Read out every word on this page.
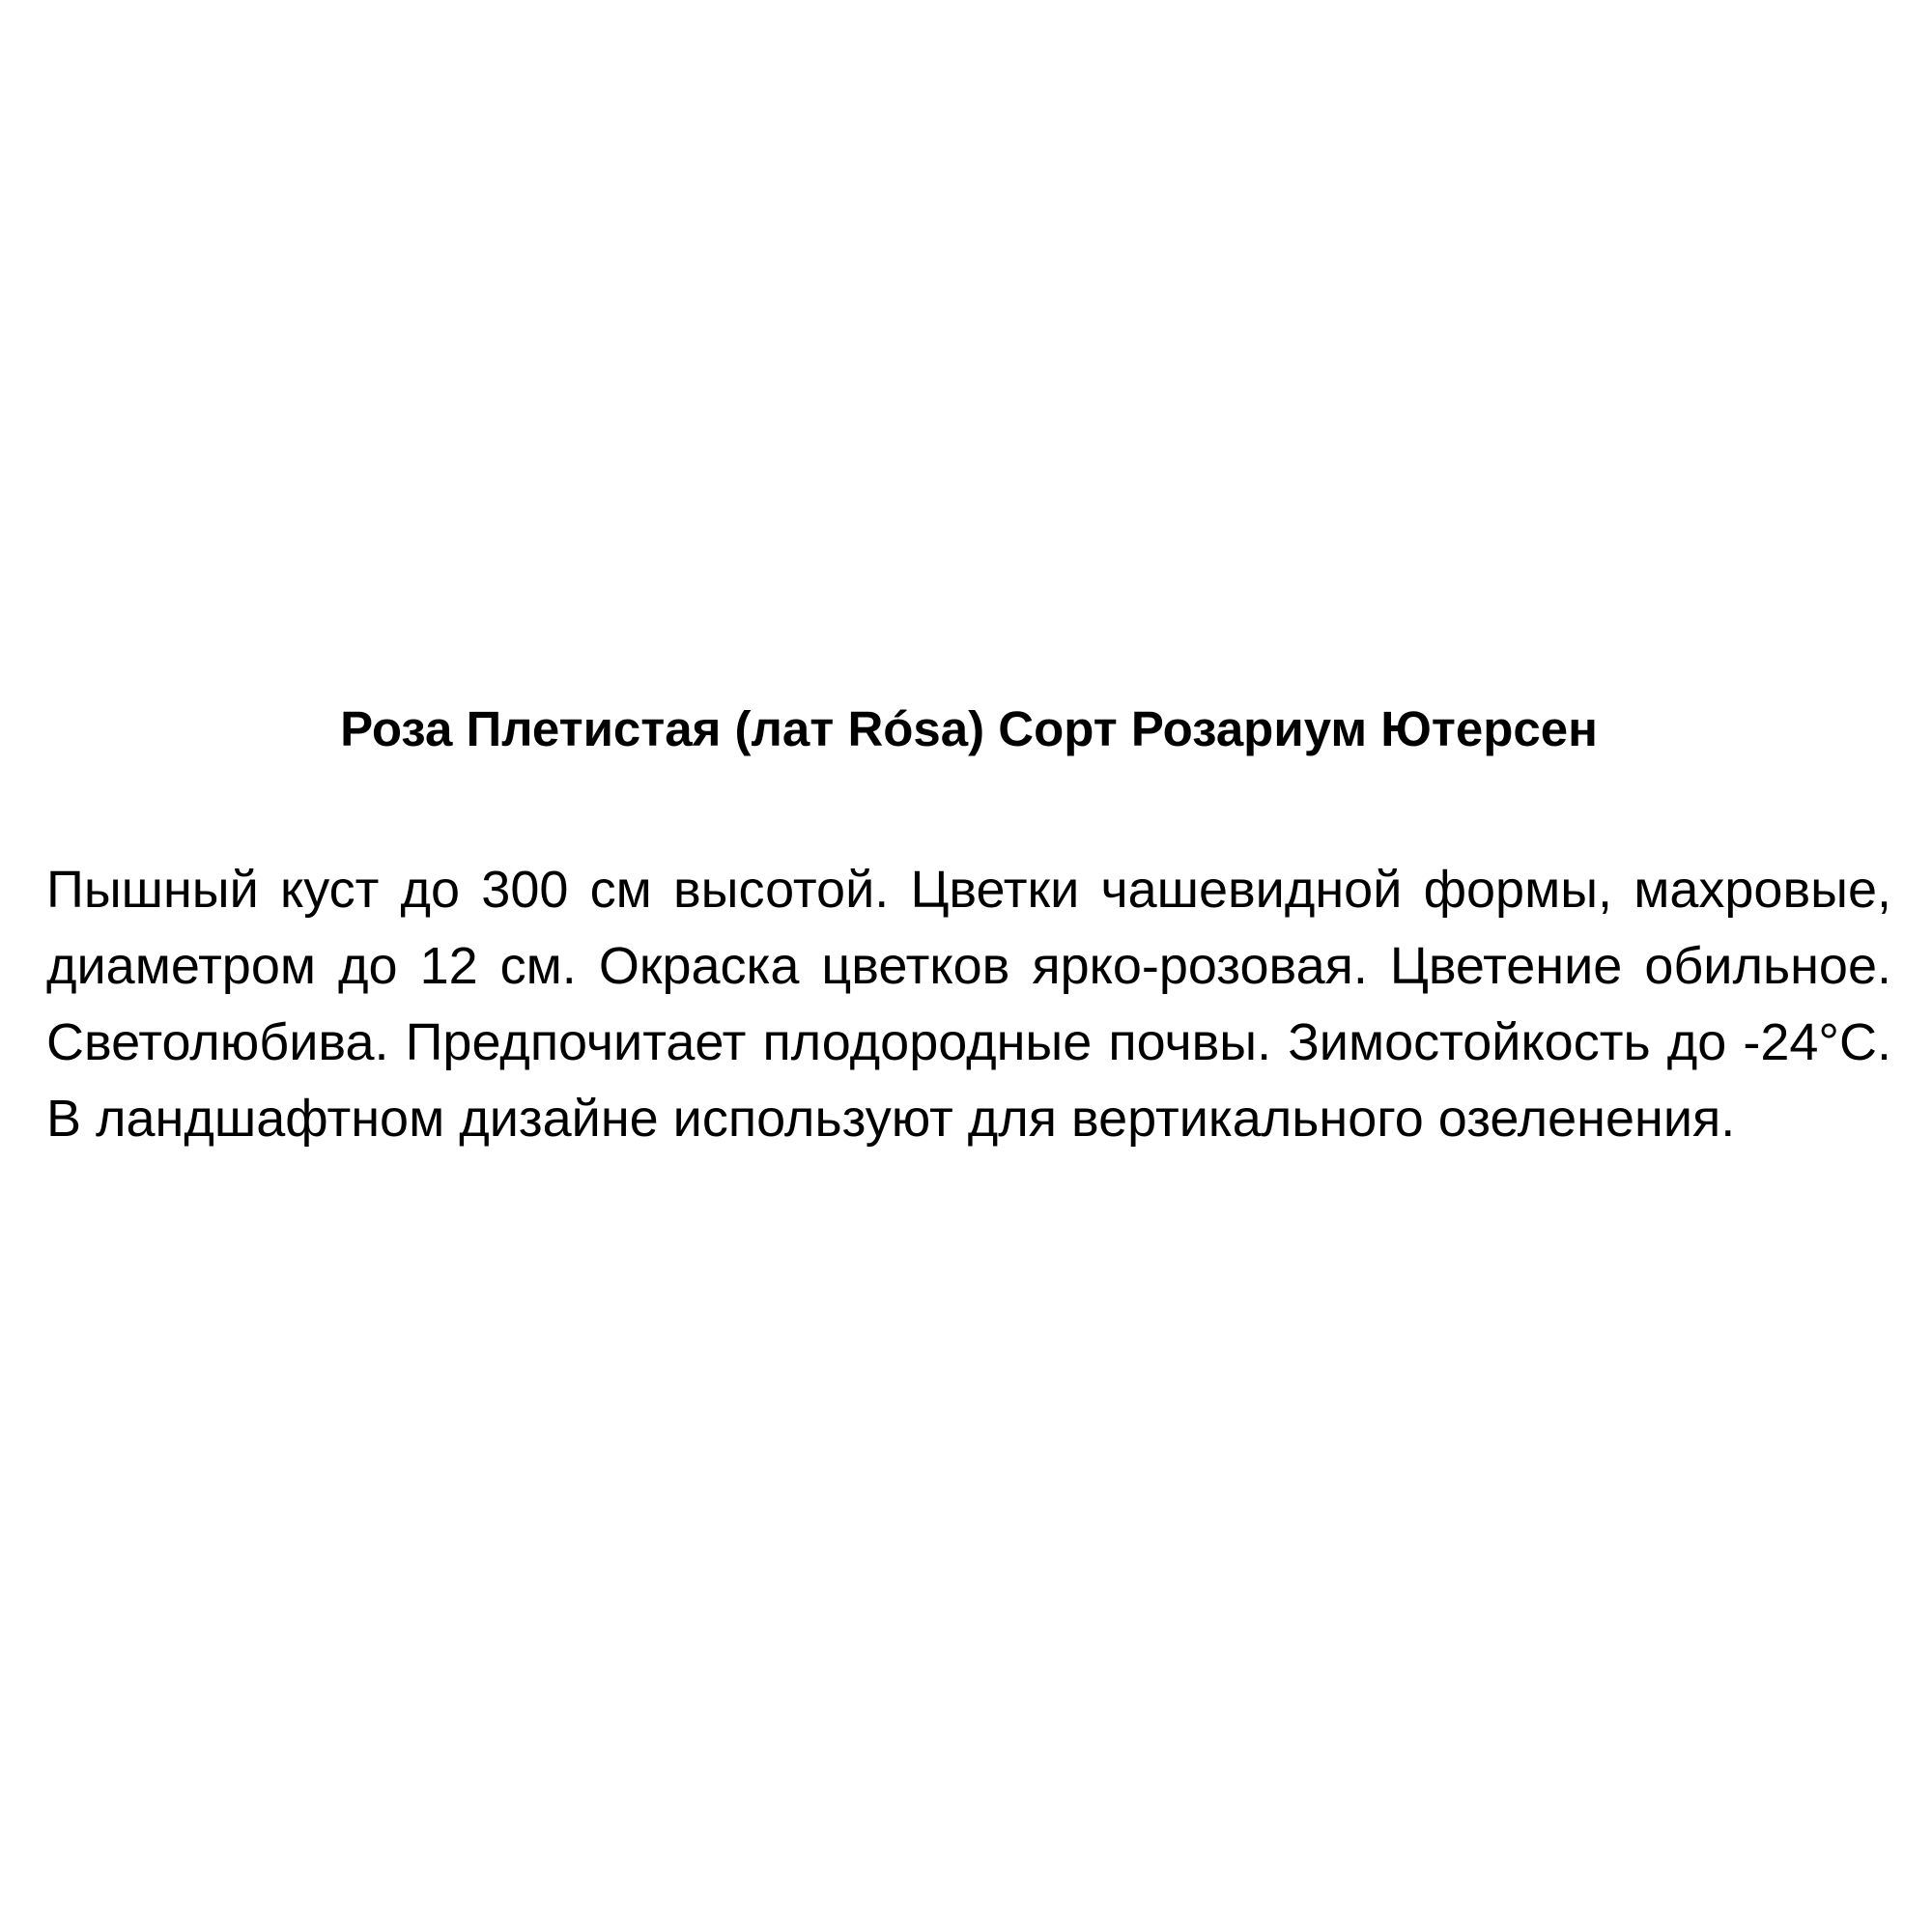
Роза Плетистая (лат Rósa) Сорт Розариум Ютерсен

Пышный куст до 300 см высотой. Цветки чашевидной формы, махровые, диаметром до 12 см. Окраска цветков ярко-розовая. Цветение обильное. Светолюбива. Предпочитает плодородные почвы. Зимостойкость до -24°С. В ландшафтном дизайне используют для вертикального озеленения.
